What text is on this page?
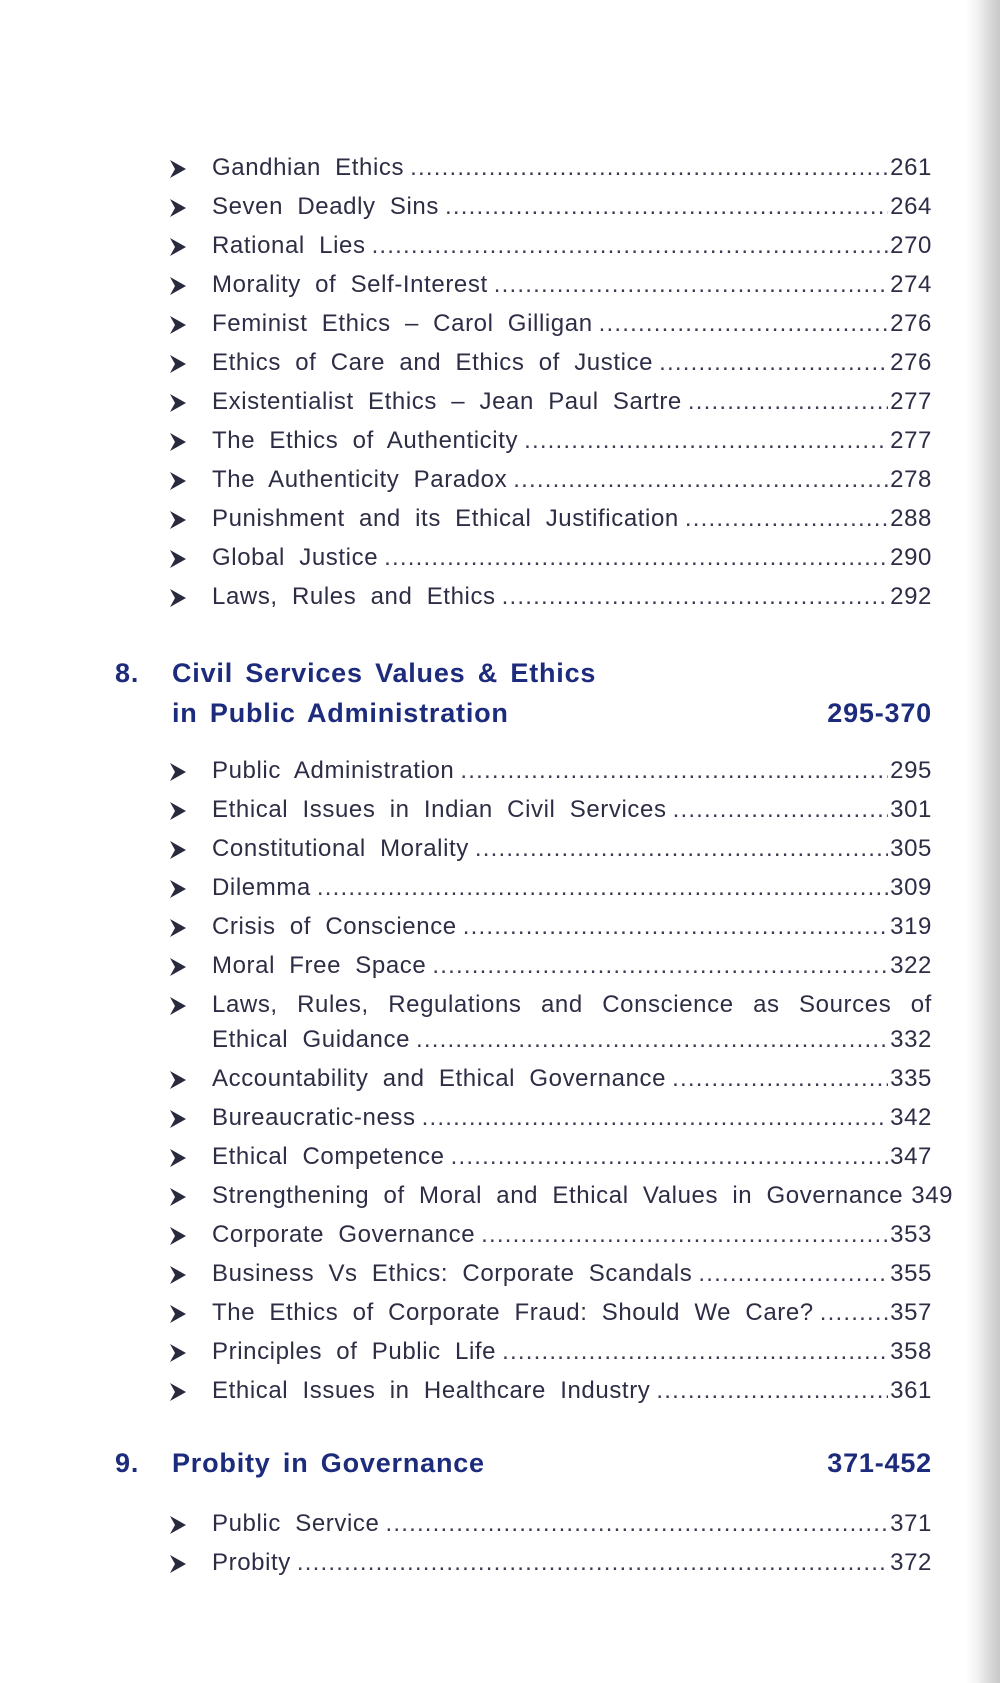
Gandhian Ethics .....	261
Seven Deadly Sins .....	264
Rational Lies .....	270
Morality of Self-Interest .....	274
Feminist Ethics – Carol Gilligan .....	276
Ethics of Care and Ethics of Justice .....	276
Existentialist Ethics – Jean Paul Sartre .....	277
The Ethics of Authenticity .....	277
The Authenticity Paradox .....	278
Punishment and its Ethical Justification .....	288
Global Justice .....	290
Laws, Rules and Ethics .....	292
8. Civil Services Values & Ethics
in Public Administration	295-370
Public Administration .....	295
Ethical Issues in Indian Civil Services .....	301
Constitutional Morality .....	305
Dilemma .....	309
Crisis of Conscience .....	319
Moral Free Space .....	322
Laws, Rules, Regulations and Conscience as Sources of
Ethical Guidance .....	332
Accountability and Ethical Governance .....	335
Bureaucratic-ness .....	342
Ethical Competence .....	347
Strengthening of Moral and Ethical Values in Governance 349
Corporate Governance .....	353
Business Vs Ethics: Corporate Scandals .....	355
The Ethics of Corporate Fraud: Should We Care? .....	357
Principles of Public Life .....	358
Ethical Issues in Healthcare Industry .....	361
9. Probity in Governance	371-452
Public Service .....	371
Probity .....	372
